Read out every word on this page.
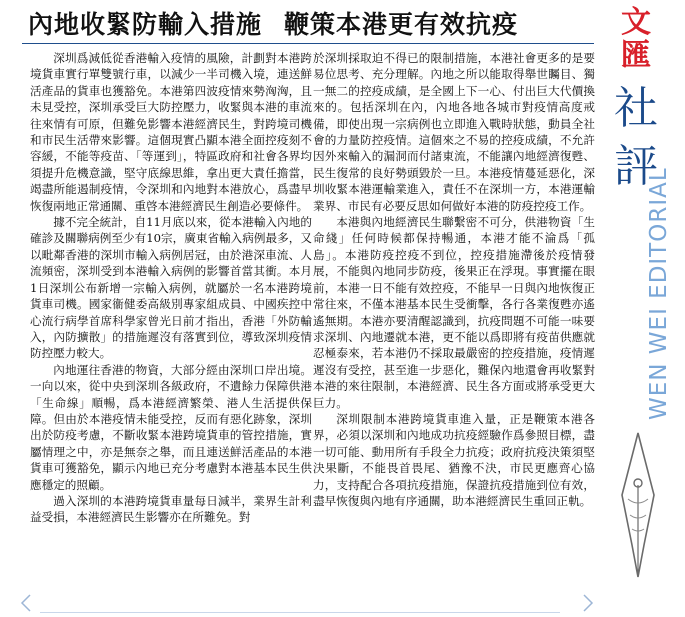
內地收緊防輸入措施 鞭策本港更有效抗疫

深圳爲減低從香港輸入疫情的風險，計劃對本港跨境貨車實行單雙號行車，以減少一半司機入境，連送鮮活產品的貨車也獲豁免。本港第四波疫情來勢洶洶，且未見受控，深圳承受巨大防控壓力，收緊與本港的車流往來情有可原，但難免影響本港經濟民生，對跨境司機和市民生活帶來影響。這個現實凸顯本港全面控疫刻不容緩，不能等疫苗、「等運到」，特區政府和社會各界均須提升危機意識，堅守底線思維，拿出更大責任擔當，竭盡所能遏制疫情，令深圳和內地對本港放心，爲盡早恢復兩地正常通關、重啓本港經濟民生創造必要條件。

據不完全統計，自11月底以來，從本港輸入內地的確診及關聯病例至少有10宗，廣東省輸入病例最多，又以毗鄰香港的深圳市輸入病例居冠，由於港深車流、人流頻密，深圳受到本港輸入病例的影響首當其衝。本月1日深圳公布新增一宗輸入病例，就屬於一名本港跨境貨車司機。國家衞健委高級別專家組成員、中國疾控中心流行病學首席科學家曾光日前才指出，香港「外防輸入，內防擴散」的措施遲沒有落實到位，導致深圳疫情防控壓力較大。

內地運往香港的物資，大部分經由深圳口岸出境。一向以來，從中央到深圳各級政府，不遺餘力保障供港「生命線」順暢，爲本港經濟繁榮、港人生活提供保障。但由於本港疫情未能受控，反而有惡化跡象，深圳出於防疫考慮，不斷收緊本港跨境貨車的管控措施，實屬情理之中，亦是無奈之舉，而且連送鮮活產品的本港貨車可獲豁免，顯示內地已充分考慮對本港基本民生供應穩定的照顧。

過入深圳的本港跨境貨車量每日減半，業界生計利益受損，本港經濟民生影響亦在所難免。對

於深圳採取迫不得已的限制措施，本港社會更多的是要易位思考、充分理解。內地之所以能取得舉世矚目、獨一無二的控疫成績，是全國上下一心、付出巨大代價換來的。包括深圳在內，內地各地各城市對疫情高度戒備，即使出現一宗病例也立即進入戰時狀態，動員全社會的力量防控疫情。這個來之不易的控疫成績，不允許因外來輸入的漏洞而付諸東流，不能讓內地經濟復甦、民生復常的良好勢頭毀於一旦。本港疫情蔓延惡化，深圳收緊本港運輸業進入，責任不在深圳一方，本港運輸業界、市民有必要反思如何做好本港的防疫控疫工作。

本港與內地經濟民生聯繫密不可分，供港物資「生命綫」任何時候都保持暢通，本港才能不淪爲「孤島」。本港防疫控疫不到位，控疫措施滯後於疫情發展，不能與內地同步防疫，後果正在浮現。事實擺在眼前，本港一日不能有效控疫，不能早一日與內地恢復正常往來，不僅本港基本民生受衝擊，各行各業復甦亦遙遙無期。本港亦要清醒認識到，抗疫問題不可能一味要求深圳、內地遷就本港，更不能以爲即將有疫苗供應就忍極泰來，若本港仍不採取最嚴密的控疫措施，疫情遲遲沒有受控，甚至進一步惡化，難保內地還會再收緊對本港的來往限制，本港經濟、民生各方面或將承受更大巨力。

深圳限制本港跨境貨車進入量，正是鞭策本港各界，必須以深圳和內地成功抗疫經驗作爲參照目標，盡一切可能、動用所有手段全力抗疫；政府抗疫決策須堅決果斷，不能畏首畏尾、猶豫不決，市民更應齊心協力，支持配合各項抗疫措施，保證抗疫措施到位有效，盡早恢復與內地有序通關，助本港經濟民生重回正軌。

文
匯
社
評
WEN WEI EDITORIAL
